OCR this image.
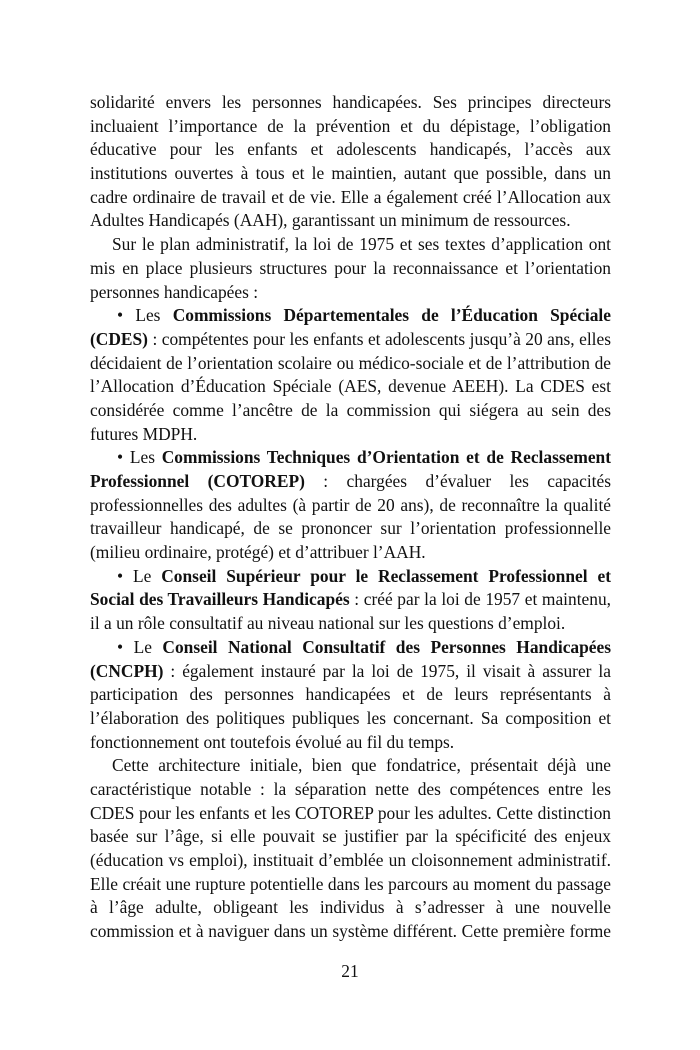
solidarité envers les personnes handicapées. Ses principes directeurs
incluaient l’importance de la prévention et du dépistage, l’obligation
éducative pour les enfants et adolescents handicapés, l’accès aux
institutions ouvertes à tous et le maintien, autant que possible, dans un
cadre ordinaire de travail et de vie. Elle a également créé l’Allocation aux
Adultes Handicapés (AAH), garantissant un minimum de ressources.
Sur le plan administratif, la loi de 1975 et ses textes d’application ont
mis en place plusieurs structures pour la reconnaissance et l’orientation
personnes handicapées :
• Les Commissions Départementales de l’Éducation Spéciale
(CDES) : compétentes pour les enfants et adolescents jusqu’à 20 ans, elles
décidaient de l’orientation scolaire ou médico-sociale et de l’attribution de
l’Allocation d’Éducation Spéciale (AES, devenue AEEH). La CDES est
considérée comme l’ancêtre de la commission qui siégera au sein des
futures MDPH.
• Les Commissions Techniques d’Orientation et de Reclassement
Professionnel (COTOREP) : chargées d’évaluer les capacités
professionnelles des adultes (à partir de 20 ans), de reconnaître la qualité
travailleur handicapé, de se prononcer sur l’orientation professionnelle
(milieu ordinaire, protégé) et d’attribuer l’AAH.
• Le Conseil Supérieur pour le Reclassement Professionnel et
Social des Travailleurs Handicapés : créé par la loi de 1957 et maintenu,
il a un rôle consultatif au niveau national sur les questions d’emploi.
• Le Conseil National Consultatif des Personnes Handicapées
(CNCPH) : également instauré par la loi de 1975, il visait à assurer la
participation des personnes handicapées et de leurs représentants à
l’élaboration des politiques publiques les concernant. Sa composition et
fonctionnement ont toutefois évolué au fil du temps.
Cette architecture initiale, bien que fondatrice, présentait déjà une
caractéristique notable : la séparation nette des compétences entre les
CDES pour les enfants et les COTOREP pour les adultes. Cette distinction
basée sur l’âge, si elle pouvait se justifier par la spécificité des enjeux
(éducation vs emploi), instituait d’emblée un cloisonnement administratif.
Elle créait une rupture potentielle dans les parcours au moment du passage
à l’âge adulte, obligeant les individus à s’adresser à une nouvelle
commission et à naviguer dans un système différent. Cette première forme
21
